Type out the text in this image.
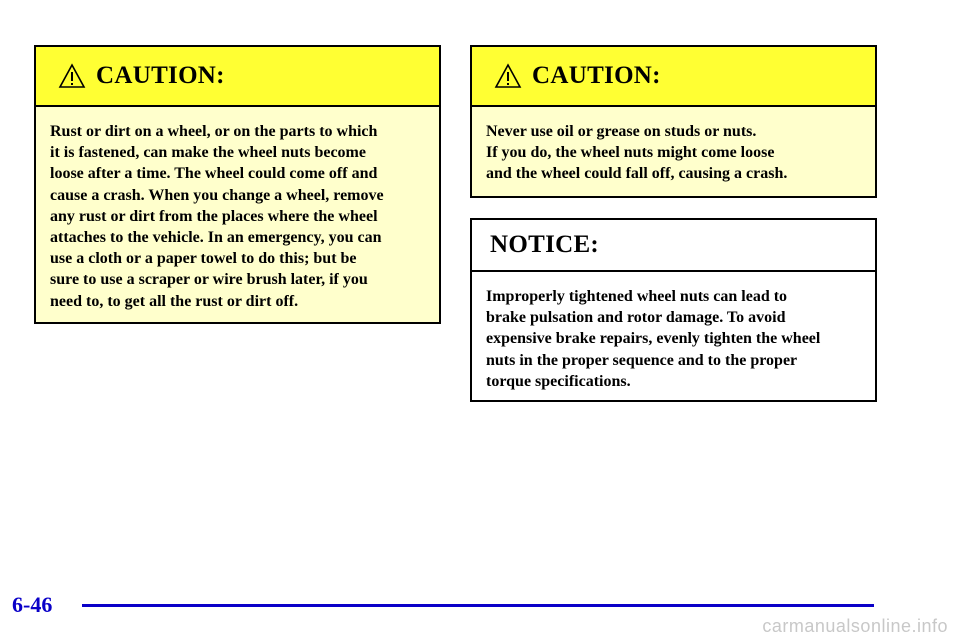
CAUTION:

Rust or dirt on a wheel, or on the parts to which

it is fastened, can make the wheel nuts become

loose after a time. The wheel could come off and

cause a crash. When you change a wheel, remove

any rust or dirt from the places where the wheel

attaches to the vehicle. In an emergency, you can

use a cloth or a paper towel to do this; but be

sure to use a scraper or wire brush later, if you

need to, to get all the rust or dirt off.

CAUTION:

Never use oil or grease on studs or nuts.

If you do, the wheel nuts might come loose

and the wheel could fall off, causing a crash.

NOTICE:

Improperly tightened wheel nuts can lead to

brake pulsation and rotor damage. To avoid

expensive brake repairs, evenly tighten the wheel

nuts in the proper sequence and to the proper

torque specifications.

6-46
carmanualsonline.info
